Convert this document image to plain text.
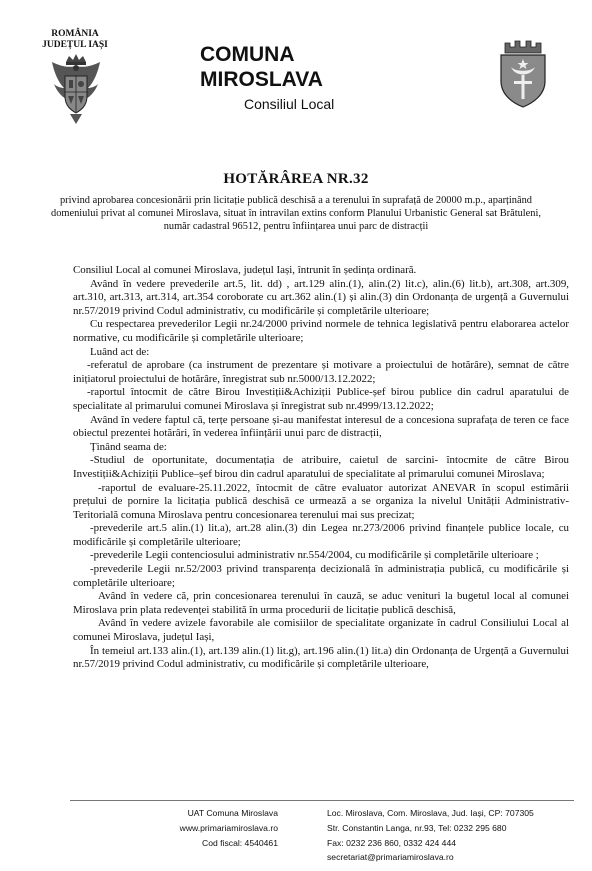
ROMÂNIA
JUDEȚUL IAȘI	COMUNA
MIROSLAVA
Consiliul Local
HOTĂRÂREA NR.32
privind aprobarea concesionării prin licitație publică deschisă a a terenului în suprafață de 20000 m.p., aparținând domeniului privat al comunei Miroslava, situat în intravilan extins conform Planului Urbanistic General sat Brătuleni, număr cadastral 96512, pentru înființarea unui parc de distracții

Consiliul Local al comunei Miroslava, județul Iași, întrunit în ședința ordinară.

Având în vedere prevederile art.5, lit. dd) , art.129 alin.(1), alin.(2) lit.c), alin.(6) lit.b), art.308, art.309, art.310, art.313, art.314, art.354 coroborate cu art.362 alin.(1) și alin.(3) din Ordonanța de urgență a Guvernului nr.57/2019 privind Codul administrativ, cu modificările și completările ulterioare;

Cu respectarea prevederilor Legii nr.24/2000 privind normele de tehnica legislativă pentru elaborarea actelor normative, cu modificările și completările ulterioare;

Luând act de:

-referatul de aprobare (ca instrument de prezentare și motivare a proiectului de hotărâre), semnat de către inițiatorul proiectului de hotărâre, înregistrat sub nr.5000/13.12.2022;

-raportul întocmit de către Birou Investiții&Achiziții Publice-șef birou publice din cadrul aparatului de specialitate al primarului comunei Miroslava și înregistrat sub nr.4999/13.12.2022;

Având în vedere faptul că, terțe persoane și-au manifestat interesul de a concesiona suprafața de teren ce face obiectul prezentei hotărâri, în vederea înființării unui parc de distracții,

Ținând seama de:

-Studiul de oportunitate, documentația de atribuire, caietul de sarcini- întocmite de către Birou Investiții&Achiziții Publice–șef birou din cadrul aparatului de specialitate al primarului comunei Miroslava;

-raportul de evaluare-25.11.2022, întocmit de către evaluator autorizat ANEVAR în scopul estimării prețului de pornire la licitația publică deschisă ce urmează a se organiza la nivelul Unității Administrativ-Teritorială comuna Miroslava pentru concesionarea terenului mai sus precizat;

-prevederile art.5 alin.(1) lit.a), art.28 alin.(3) din Legea nr.273/2006 privind finanțele publice locale, cu modificările și completările ulterioare;

-prevederile Legii contenciosului administrativ nr.554/2004, cu modificările și completările ulterioare ;

-prevederile Legii nr.52/2003 privind transparența decizională în administrația publică, cu modificările și completările ulterioare;

Având în vedere că, prin concesionarea terenului în cauză, se aduc venituri la bugetul local al comunei Miroslava prin plata redevenței stabilită în urma procedurii de licitație publică deschisă,

Având în vedere avizele favorabile ale comisiilor de specialitate organizate în cadrul Consiliului Local al comunei Miroslava, județul Iași,

În temeiul art.133 alin.(1), art.139 alin.(1) lit.g), art.196 alin.(1) lit.a) din Ordonanța de Urgență a Guvernului nr.57/2019 privind Codul administrativ, cu modificările și completările ulterioare,

UAT Comuna Miroslava
www.primariamiroslava.ro
Cod fiscal: 4540461
Loc. Miroslava, Com. Miroslava, Jud. Iași, CP: 707305
Str. Constantin Langa, nr.93, Tel: 0232 295 680
Fax: 0232 236 860, 0332 424 444
secretariat@primariamiroslava.ro
